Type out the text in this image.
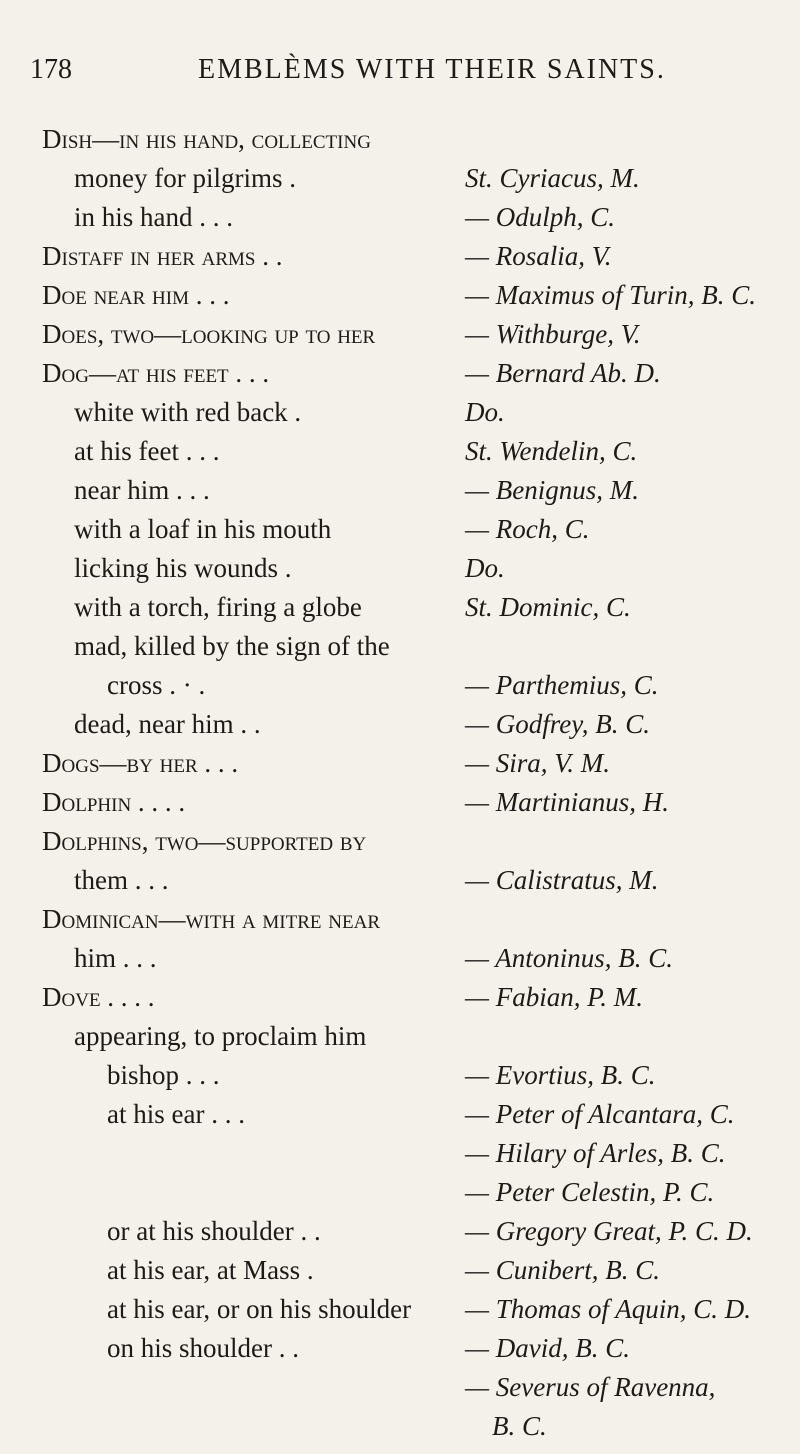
178	EMBLÈMS WITH THEIR SAINTS.
Dish—in his hand, collecting
money for pilgrims .	St. Cyriacus, M.
in his hand . . .	— Odulph, C.
Distaff in her arms . .	— Rosalia, V.
Doe near him . . .	— Maximus of Turin, B. C.
Does, two—looking up to her	— Withburge, V.
Dog—at his feet . . .	— Bernard Ab. D.
white with red back .	Do.
at his feet . . .	St. Wendelin, C.
near him . . .	— Benignus, M.
with a loaf in his mouth	— Roch, C.
licking his wounds .	Do.
with a torch, firing a globe	St. Dominic, C.
mad, killed by the sign of the
cross . · .	— Parthemius, C.
dead, near him . .	— Godfrey, B. C.
Dogs—by her . . .	— Sira, V. M.
Dolphin . . . .	— Martinianus, H.
Dolphins, two—supported by
them . . .	— Calistratus, M.
Dominican—with a mitre near
him . . .	— Antoninus, B. C.
Dove . . . .	— Fabian, P. M.
appearing, to proclaim him
bishop . . .	— Evortius, B. C.
at his ear . . .	— Peter of Alcantara, C.
— Hilary of Arles, B. C.
— Peter Celestin, P. C.
or at his shoulder . .	— Gregory Great, P. C. D.
at his ear, at Mass .	— Cunibert, B. C.
at his ear, or on his shoulder — Thomas of Aquin, C. D.
on his shoulder . .	— David, B. C.
— Severus of Ravenna,
B. C.
